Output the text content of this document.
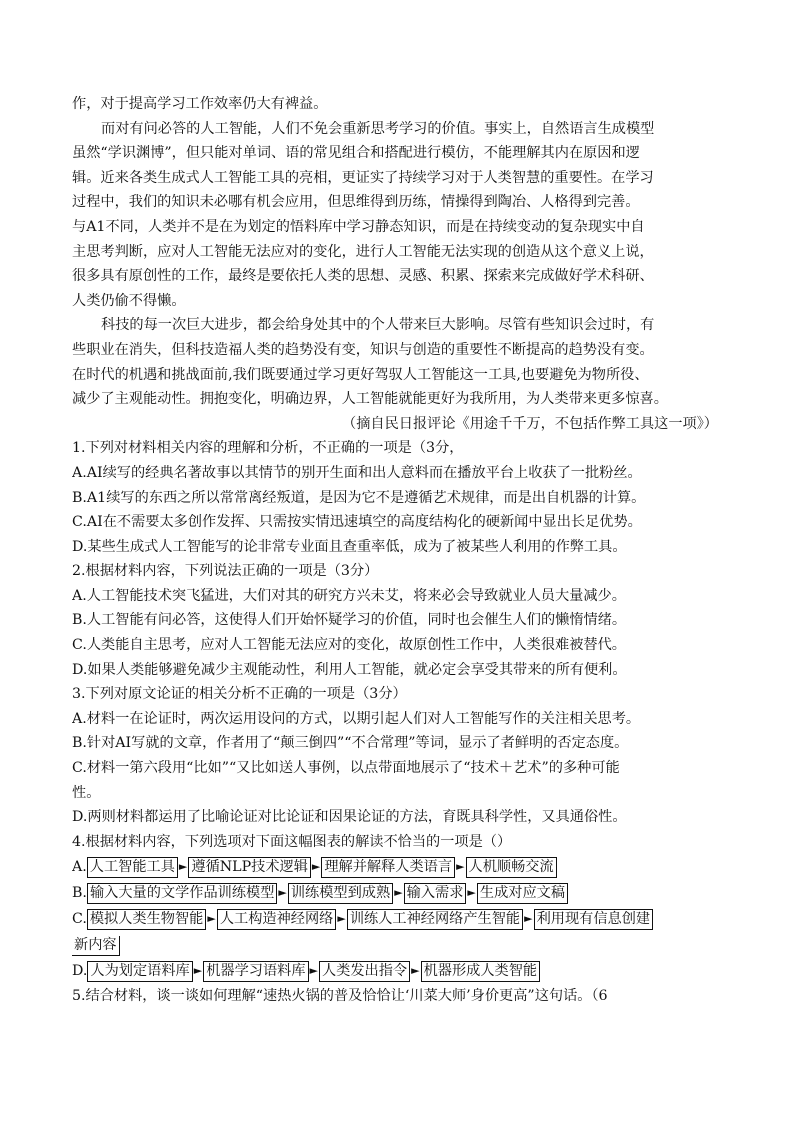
作，对于提高学习工作效率仍大有裨益。
而对有问必答的人工智能，人们不免会重新思考学习的价值。事实上，自然语言生成模型
虽然“学识渊博”，但只能对单词、语的常见组合和搭配进行模仿，不能理解其内在原因和逻
辑。近来各类生成式人工智能工具的亮相，更证实了持续学习对于人类智慧的重要性。在学习
过程中，我们的知识未必哪有机会应用，但思维得到历练，情操得到陶冶、人格得到完善。
与A1不同，人类并不是在为划定的悟料库中学习静态知识，而是在持续变动的复杂现实中自
主思考判断，应对人工智能无法应对的变化，进行人工智能无法实现的创造从这个意义上说，
很多具有原创性的工作，最终是要依托人类的思想、灵感、积累、探索来完成做好学术科研、
人类仍偷不得懒。
科技的每一次巨大进步，都会给身处其中的个人带来巨大影响。尽管有些知识会过时，有
些职业在消失，但科技造福人类的趋势没有变，知识与创造的重要性不断提高的趋势没有变。
在时代的机遇和挑战面前,我们既要通过学习更好驾驭人工智能这一工具,也要避免为物所役、
减少了主观能动性。拥抱变化，明确边界，人工智能就能更好为我所用，为人类带来更多惊喜。
（摘自民日报评论《用途千千万，不包括作弊工具这一项》）
1.下列对材料相关内容的理解和分析，不正确的一项是（3分，
A.AI续写的经典名著故事以其情节的别开生面和出人意料而在播放平台上收获了一批粉丝。
B.A1续写的东西之所以常常离经叛道，是因为它不是遵循艺术规律，而是出自机器的计算。
C.AI在不需要太多创作发挥、只需按实情迅速填空的高度结构化的硬新闻中显出长足优势。
D.某些生成式人工智能写的论非常专业面且查重率低，成为了被某些人利用的作弊工具。
2.根据材料内容，下列说法正确的一项是（3分）
A.人工智能技术突飞猛进，大们对其的研究方兴未艾，将来必会导致就业人员大量减少。
B.人工智能有问必答，这使得人们开始怀疑学习的价值，同时也会催生人们的懒惰情绪。
C.人类能自主思考，应对人工智能无法应对的变化，故原创性工作中，人类很难被替代。
D.如果人类能够避免减少主观能动性，利用人工智能，就必定会享受其带来的所有便利。
3.下列对原文论证的相关分析不正确的一项是（3分）
A.材料一在论证时，两次运用设问的方式，以期引起人们对人工智能写作的关注相关思考。
B.针对AI写就的文章，作者用了“颠三倒四”“不合常理”等词，显示了者鲜明的否定态度。
C.材料一第六段用“比如”“又比如送人事例，以点带面地展示了“技术＋艺术”的多种可能
性。
D.两则材料都运用了比喻论证对比论证和因果论证的方法，育既具科学性，又具通俗性。
4.根据材料内容，下列选项对下面这幅图表的解读不恰当的一项是（）
A. 人工智能工具 ► 遵循NLP技术逻辑 ► 理解并解释人类语言 ► 人机顺畅交流
B. 输入大量的文学作品训练模型 ► 训练模型到成熟 ► 输入需求 ► 生成对应文稿
C. 模拟人类生物智能 ► 人工构造神经网络 ► 训练人工神经网络产生智能 ► 利用现有信息创建
新内容
D. 人为划定语料库 ► 机器学习语料库 ► 人类发出指令 ► 机器形成人类智能
5.结合材料，谈一谈如何理解“速热火锅的普及恰恰让‘川菜大师’身价更高”这句话。（6
